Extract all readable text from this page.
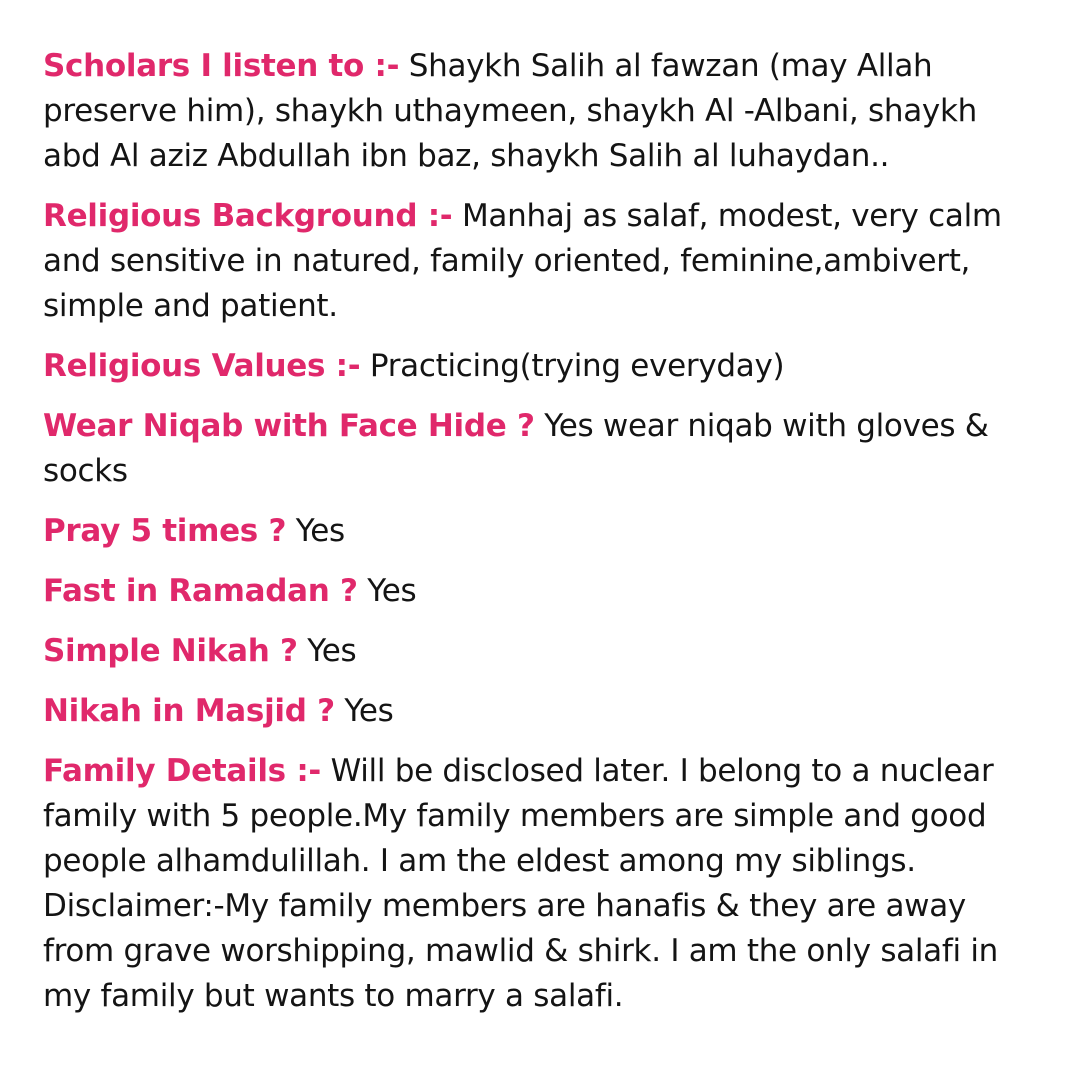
Scholars I listen to :- Shaykh Salih al fawzan (may Allah preserve him), shaykh uthaymeen, shaykh Al -Albani, shaykh abd Al aziz Abdullah ibn baz, shaykh Salih al luhaydan..

Religious Background :- Manhaj as salaf, modest, very calm and sensitive in natured, family oriented, feminine,ambivert, simple and patient.

Religious Values :- Practicing(trying everyday)

Wear Niqab with Face Hide ? Yes wear niqab with gloves & socks

Pray 5 times ? Yes

Fast in Ramadan ? Yes

Simple Nikah ? Yes

Nikah in Masjid ? Yes

Family Details :- Will be disclosed later. I belong to a nuclear family with 5 people.My family members are simple and good people alhamdulillah. I am the eldest among my siblings. Disclaimer:-My family members are hanafis & they are away from grave worshipping, mawlid & shirk. I am the only salafi in my family but wants to marry a salafi.
